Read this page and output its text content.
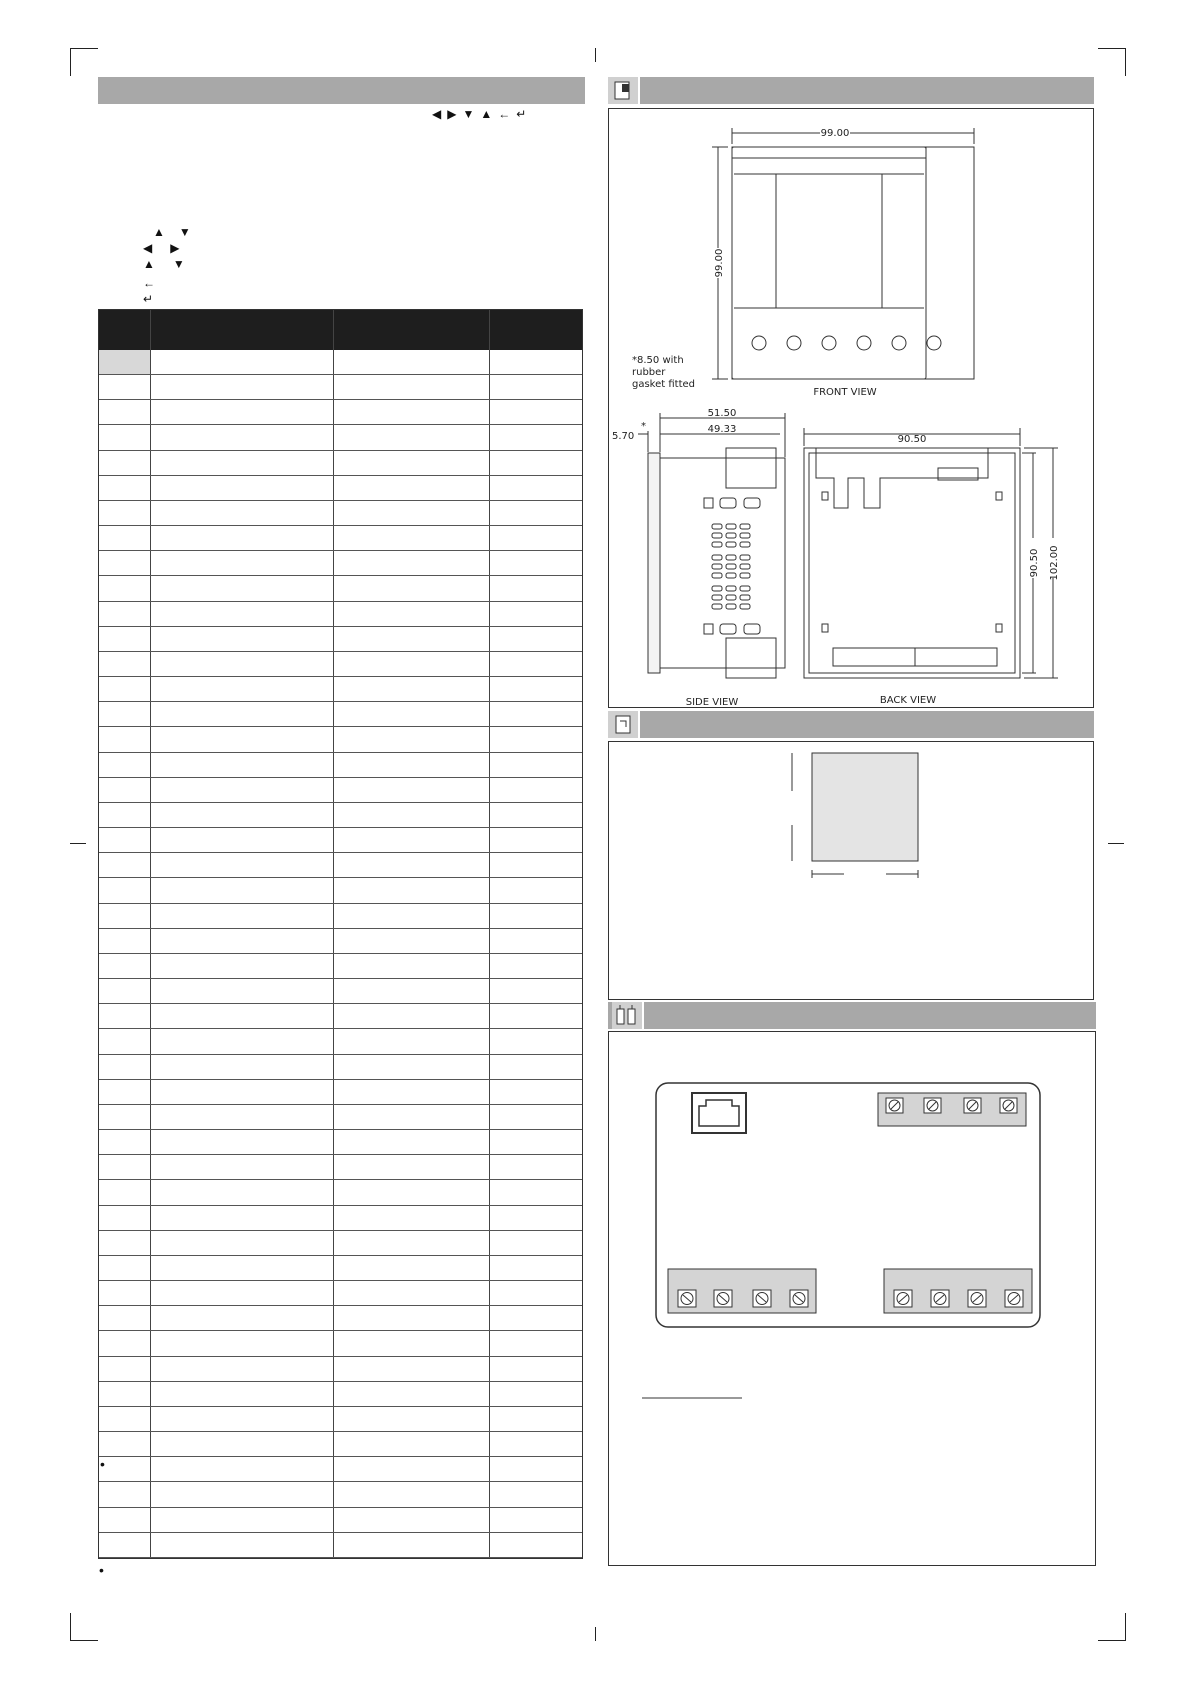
◀ ▶ ▼ ▲ ← ↵
▲ ▼
◀ ▶
▲ ▼
←
↵
•
•
99.00
99.00
*8.50 with rubber gasket fitted
FRONT VIEW
51.50
49.33
5.70
*
SIDE VIEW
90.50
90.50 102.00
BACK VIEW
